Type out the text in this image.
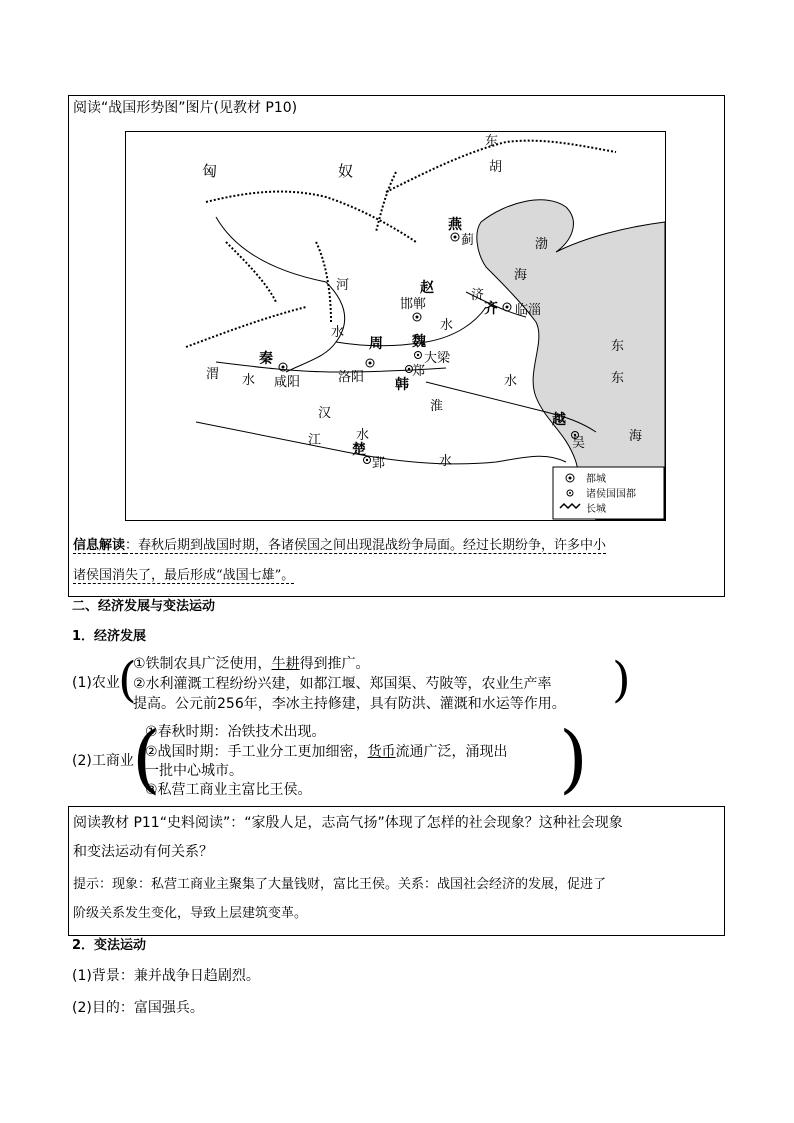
阅读“战国形势图”图片(见教材 P10)
匈	奴
东
胡
燕
蓟	渤
海
赵
邯郸
河
水
济
齐 临淄
水
东
周 魏
大梁
秦
咸阳	洛阳	郑
韩
渭 水	水
淮
汉
江	水
楚
郢	水
越
吴
东
海
都城
诸侯国国都
长城
信息解读：春秋后期到战国时期，各诸侯国之间出现混战纷争局面。经过长期纷争，许多中小
诸侯国消失了，最后形成“战国七雄”。
二、经济发展与变法运动
1．经济发展
(1)农业
(
①铁制农具广泛使用，牛耕得到推广。
②水利灌溉工程纷纷兴建，如都江堰、郑国渠、芍陂等，农业生产率
提高。公元前256年，李冰主持修建，具有防洪、灌溉和水运等作用。 )
(2)工商业
(
①春秋时期：冶铁技术出现。
②战国时期：手工业分工更加细密，货币流通广泛，涌现出
一批中心城市。
③私营工商业主富比王侯。	)
阅读教材 P11“史料阅读”：“家殷人足，志高气扬”体现了怎样的社会现象？这种社会现象
和变法运动有何关系？
提示：现象：私营工商业主聚集了大量钱财，富比王侯。关系：战国社会经济的发展，促进了
阶级关系发生变化，导致上层建筑变革。
2．变法运动
(1)背景：兼并战争日趋剧烈。
(2)目的：富国强兵。
